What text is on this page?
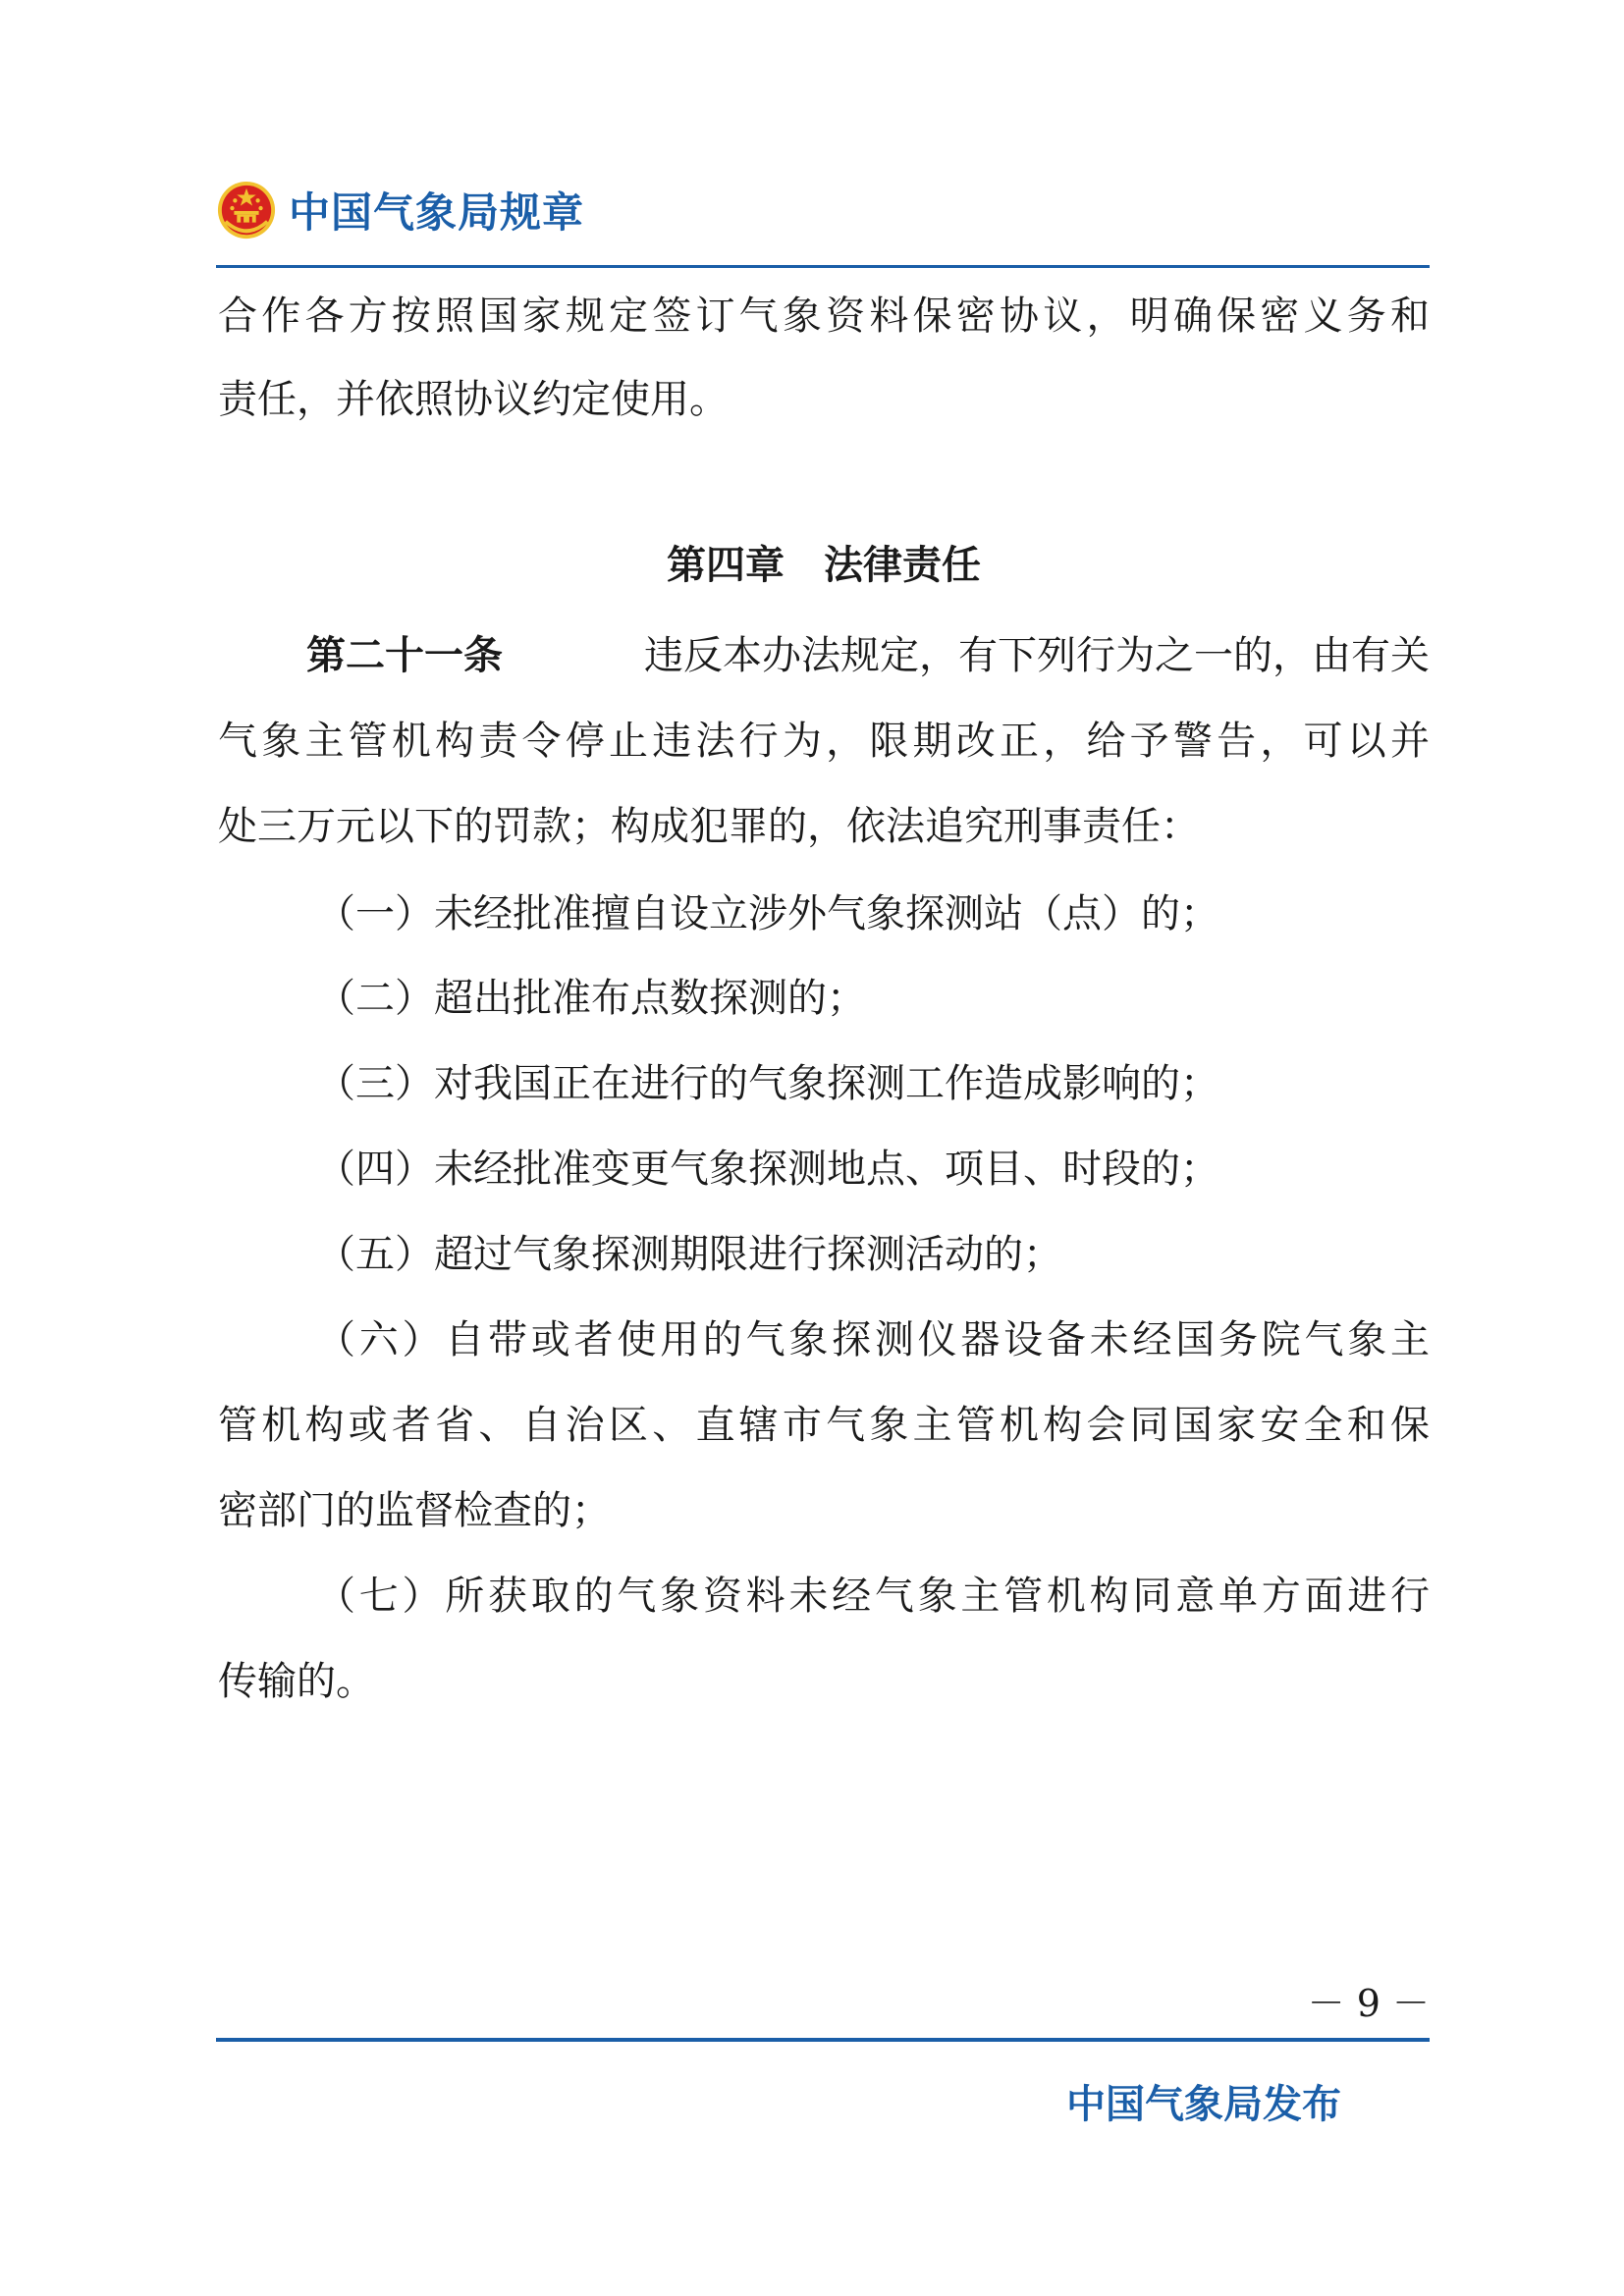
中国气象局规章
合作各方按照国家规定签订气象资料保密协议，明确保密义务和
责任，并依照协议约定使用。
第四章　法律责任
第二十一条	违反本办法规定，有下列行为之一的，由有关
气象主管机构责令停止违法行为，限期改正，给予警告，可以并
处三万元以下的罚款；构成犯罪的，依法追究刑事责任：
（一）未经批准擅自设立涉外气象探测站（点）的；
（二）超出批准布点数探测的；
（三）对我国正在进行的气象探测工作造成影响的；
（四）未经批准变更气象探测地点、项目、时段的；
（五）超过气象探测期限进行探测活动的；
（六）自带或者使用的气象探测仪器设备未经国务院气象主
管机构或者省、自治区、直辖市气象主管机构会同国家安全和保
密部门的监督检查的；
（七）所获取的气象资料未经气象主管机构同意单方面进行
传输的。
－ 9 －
中国气象局发布
